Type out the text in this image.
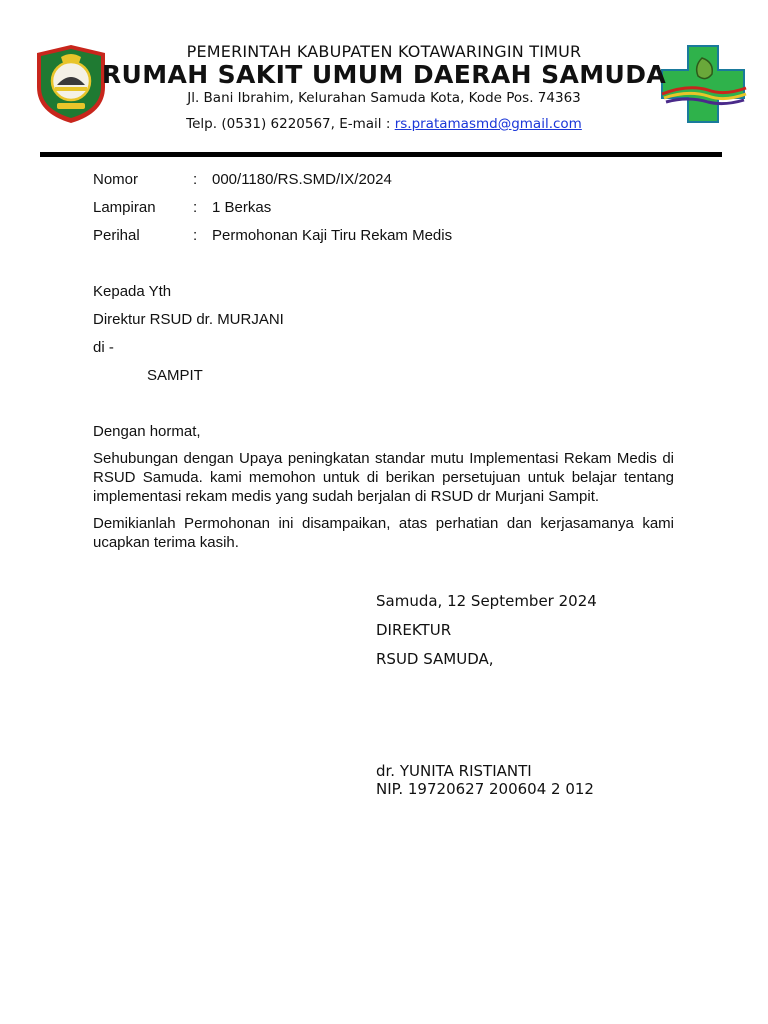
PEMERINTAH KABUPATEN KOTAWARINGIN TIMUR
RUMAH SAKIT UMUM DAERAH SAMUDA
Jl. Bani Ibrahim, Kelurahan Samuda Kota, Kode Pos. 74363
Telp. (0531) 6220567, E-mail : rs.pratamasmd@gmail.com
Nomor	: 000/1180/RS.SMD/IX/2024
Lampiran : 1 Berkas
Perihal	: Permohonan Kaji Tiru Rekam Medis
Kepada Yth
Direktur RSUD dr. MURJANI
di -
SAMPIT
Dengan hormat,
Sehubungan dengan Upaya peningkatan standar mutu Implementasi Rekam Medis di RSUD Samuda. kami memohon untuk di berikan persetujuan untuk belajar tentang implementasi rekam medis yang sudah berjalan di RSUD dr Murjani Sampit.
Demikianlah Permohonan ini disampaikan, atas perhatian dan kerjasamanya kami ucapkan terima kasih.
Samuda, 12 September 2024
DIREKTUR
RSUD SAMUDA,
dr. YUNITA RISTIANTI
NIP. 19720627 200604 2 012
